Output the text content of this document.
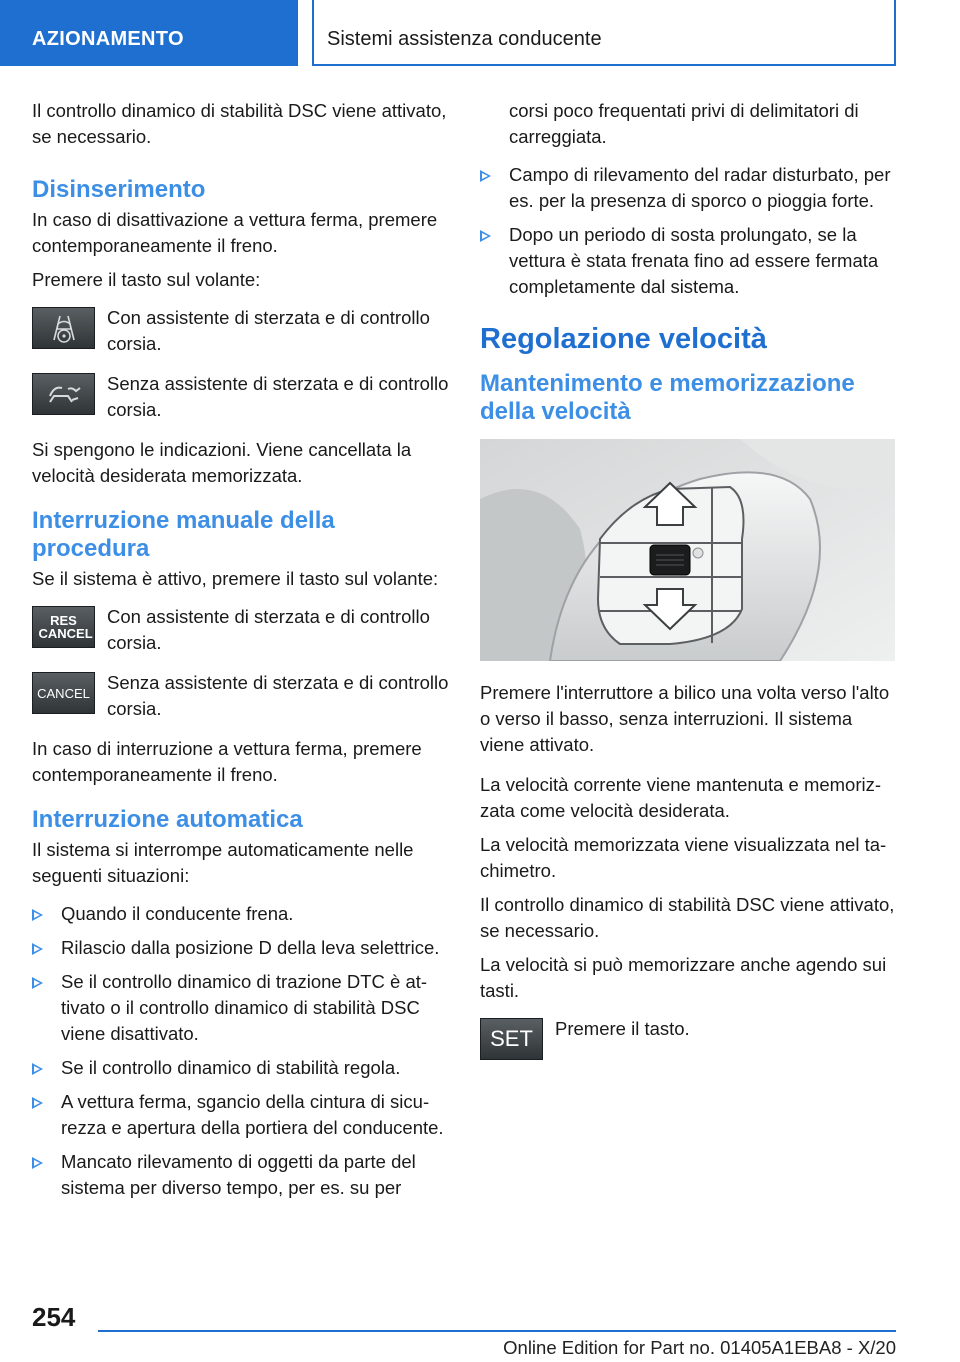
AZIONAMENTO	Sistemi assistenza conducente

Il controllo dinamico di stabilità DSC viene attivato, se necessario.

Disinserimento

In caso di disattivazione a vettura ferma, premere contemporaneamente il freno.

Premere il tasto sul volante:

Con assistente di sterzata e di controllo corsia.
Senza assistente di sterzata e di controllo corsia.

Si spengono le indicazioni. Viene cancellata la velocità desiderata memorizzata.

Interruzione manuale della procedura

Se il sistema è attivo, premere il tasto sul volante:

RES CANCEL
Con assistente di sterzata e di controllo corsia.
CANCEL Senza assistente di sterzata e di controllo corsia.

In caso di interruzione a vettura ferma, premere contemporaneamente il freno.

Interruzione automatica

Il sistema si interrompe automaticamente nelle seguenti situazioni:

Quando il conducente frena.
Rilascio dalla posizione D della leva selettrice.
Se il controllo dinamico di trazione DTC è attivato o il controllo dinamico di stabilità DSC viene disattivato.
Se il controllo dinamico di stabilità regola.
A vettura ferma, sgancio della cintura di sicurezza e apertura della portiera del conducente.
Mancato rilevamento di oggetti da parte del sistema per diverso tempo, per es. su per
corsi poco frequentati privi di delimitatori di carreggiata.
Campo di rilevamento del radar disturbato, per es. per la presenza di sporco o pioggia forte.
Dopo un periodo di sosta prolungato, se la vettura è stata frenata fino ad essere fermata completamente dal sistema.
Regolazione velocità
Mantenimento e memorizzazione della velocità

Premere l'interruttore a bilico una volta verso l'alto o verso il basso, senza interruzioni. Il sistema viene attivato.

La velocità corrente viene mantenuta e memorizzata come velocità desiderata.

La velocità memorizzata viene visualizzata nel tachimetro.

Il controllo dinamico di stabilità DSC viene attivato, se necessario.

La velocità si può memorizzare anche agendo sui tasti.

SET Premere il tasto.
254
Online Edition for Part no. 01405A1EBA8 - X/20
